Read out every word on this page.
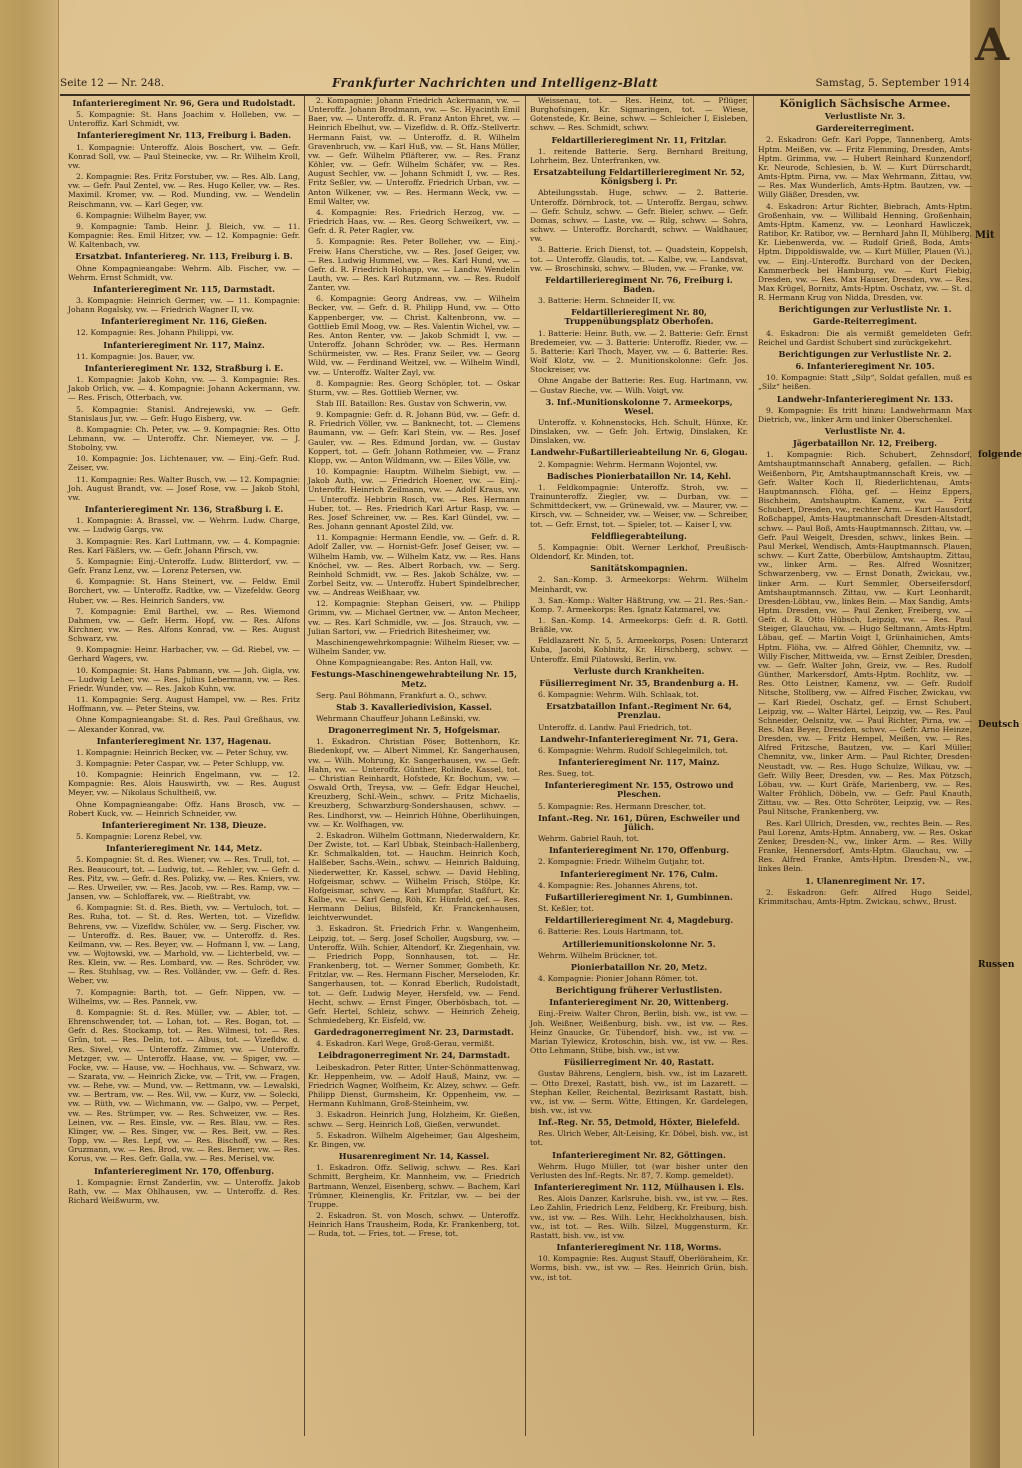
Seite 12 — Nr. 248.	Frankfurter Nachrichten und Intelligenz-Blatt	Samstag, 5. September 1914
Infanterieregiment Nr. 96, Gera und Rudolstadt.

5. Kompagnie: St. Hans Joachim v. Holleben, vw. — Unteroffiz. Karl Schmidt, vw.

Infanterieregiment Nr. 113, Freiburg i. Baden.

1. Kompagnie: Unteroffz. Alois Boschert, vw. — Gefr. Konrad Soll, vw. — Paul Steinecke, vw. — Rr. Wilhelm Kroll, vw.

2. Kompagnie: Res. Fritz Forstuber, vw. — Res. Alb. Lang, vw. — Gefr. Paul Zentel, vw. — Res. Hugo Keller, vw. — Res. Maximil. Kromer, vw. — Rod. Munding, vw. — Wendelin Reischmann, vw. — Karl Geger, vw.

6. Kompagnie: Wilhelm Bayer, vw.

9. Kompagnie: Tamb. Heinr. J. Bleich, vw. — 11. Kompagnie: Res. Emil Hitzer, vw. — 12. Kompagnie: Gefr. W. Kaltenbach, vw.

Ersatzbat. Infanteriereg. Nr. 113, Freiburg i. B.

Ohne Kompagnieangabe: Wehrm. Alb. Fischer, vw. — Wehrm. Ernst Schmidt, vw.

Infanterieregiment Nr. 115, Darmstadt.

3. Kompagnie: Heinrich Germer, vw. — 11. Kompagnie: Johann Rogalsky, vw. — Friedrich Wagner II, vw.

Infanterieregiment Nr. 116, Gießen.

12. Kompagnie: Res. Johann Philippi, vw.

Infanterieregiment Nr. 117, Mainz.

11. Kompagnie: Jos. Bauer, vw.

Infanterieregiment Nr. 132, Straßburg i. E.

1. Kompagnie: Jakob Kohn, vw. — 3. Kompagnie: Res. Jakob Orlich, vw. — 4. Kompagnie: Johann Ackermann, vw. — Res. Frisch, Otterbach, vw.

5. Kompagnie: Stanisl. Andrejewski, vw. — Gefr. Stanislaus Jur, vw. — Gefr. Hugo Eisberg, vw.

8. Kompagnie: Ch. Peter, vw. — 9. Kompagnie: Res. Otto Lehmann, vw. — Unteroffz. Chr. Niemeyer, vw. — J. Stobolny, vw.

10. Kompagnie: Jos. Lichtenauer, vw. — Einj.-Gefr. Rud. Zeiser, vw.

11. Kompagnie: Res. Walter Busch, vw. — 12. Kompagnie: Joh. August Brandt, vw. — Josef Rose, vw. — Jakob Stohl, vw.

Infanterieregiment Nr. 136, Straßburg i. E.

1. Kompagnie: A. Brassel, vw. — Wehrm. Ludw. Charge, vw. — Ludwig Gargs, vw.

3. Kompagnie: Res. Karl Luttmann, vw. — 4. Kompagnie: Res. Karl Fäßlers, vw. — Gefr. Johann Pfirsch, vw.

5. Kompagnie: Einj.-Unteroffz. Ludw. Blitterdorf, vw. — Gefr. Franz Lenz, vw. — Lorenz Petersen, vw.

6. Kompagnie: St. Hans Steinert, vw. — Feldw. Emil Borchert, vw. — Unteroffz. Radtke, vw. — Vizefeldw. Georg Huber, vw. — Res. Heinrich Sanders, vw.

7. Kompagnie: Emil Barthel, vw. — Res. Wiemond Dahmen, vw. — Gefr. Herm. Hopf, vw. — Res. Alfons Kirchner, vw. — Res. Alfons Konrad, vw. — Res. August Schwarz, vw.

9. Kompagnie: Heinr. Harbacher, vw. — Gd. Riebel, vw. — Gerhard Wagers, vw.

10. Kompagnie: St. Hans Pabmann, vw. — Joh. Gigla, vw. — Ludwig Leher, vw. — Res. Julius Lebermann, vw. — Res. Friedr. Wunder, vw. — Res. Jakob Kuhn, vw.

11. Kompagnie: Serg. August Hampel, vw. — Res. Fritz Hoffmann, vw. — Peter Steins, vw.

Ohne Kompagnieangabe: St. d. Res. Paul Greßhaus, vw. — Alexander Konrad, vw.

Infanterieregiment Nr. 137, Hagenau.

1. Kompagnie: Heinrich Becker, vw. — Peter Schuy, vw.

3. Kompagnie: Peter Caspar, vw. — Peter Schlupp, vw.

10. Kompagnie: Heinrich Engelmann, vw. — 12. Kompagnie: Res. Alois Hauswirth, vw. — Res. August Meyer, vw. — Nikolaus Schultheiß, vw.

Ohne Kompagnieangabe: Offz. Hans Brosch, vw. — Robert Kuck, vw. — Heinrich Schneider, vw.

Infanterieregiment Nr. 138, Dieuze.

5. Kompagnie: Lorenz Rebel, vw.

Infanterieregiment Nr. 144, Metz.

5. Kompagnie: St. d. Res. Wiener, vw. — Res. Trull, tot. — Res. Beaucourt, tot. — Ludwig, tot. — Rehler, vw. — Gefr. d. Res. Pitz, vw. — Gefr. d. Res. Polizky, vw. — Res. Kniers, vw. — Res. Urweiler, vw. — Res. Jacob, vw. — Res. Ramp, vw. — Jansen, vw. — Schloffarek, vw. — Rießtrabt, vw.

6. Kompagnie: St. d. Res. Bieth, vw. — Vertuloch, tot. — Res. Ruha, tot. — St. d. Res. Werten, tot. — Vizefldw. Behrens, vw. — Vizefldw. Schüler, vw. — Serg. Fischer, vw. — Unteroffz. d. Res. Bauer, vw. — Unteroffz. d. Res. Keilmann, vw. — Res. Beyer, vw. — Hofmann I, vw. — Lang, vw. — Wojtowski, vw. — Marhold, vw. — Lichterbeld, vw. — Res. Klein, vw. — Res. Lombard, vw. — Res. Schröder, vw. — Res. Stuhlsag, vw. — Res. Volländer, vw. — Gefr. d. Res. Weber, vw.

7. Kompagnie: Barth, tot. — Gefr. Nippen, vw. — Wilhelms, vw. — Res. Pannek, vw.

8. Kompagnie: St. d. Res. Müller, vw. — Abler, tot. — Ehrenschwender, tot. — Lohan, tot. — Res. Bogan, tot. — Gefr. d. Res. Stockamp, tot. — Res. Wilmesi, tot. — Res. Grün, tot. — Res. Delin, tot. — Albus, tot. — Vizefldw. d. Res. Siwel, vw. — Unteroffz. Zimmer, vw. — Unteroffz. Metzger, vw. — Unteroffz. Haase, vw. — Spiger, vw. — Focke, vw. — Hause, vw. — Hochhaus, vw. — Schwarz, vw. — Szarata, vw. — Heinrich Zicke, vw. — Trit, vw. — Fragen, vw. — Rehe, vw. — Mund, vw. — Rettmann, vw. — Lewalski, vw. — Bertram, vw. — Res. Wil, vw. — Kurz, vw. — Solecki, vw. — Rüth, vw. — Wichmann, vw. — Galpo, vw. — Perpet, vw. — Res. Strümper, vw. — Res. Schweizer, vw. — Res. Leinen, vw. — Res. Einsle, vw. — Res. Blau, vw. — Res. Klinger, vw. — Res. Singer, vw. — Res. Beit, vw. — Res. Topp, vw. — Res. Lepf, vw. — Res. Bischoff, vw. — Res. Gruzmann, vw. — Res. Brod, vw. — Res. Berner, vw. — Res. Korus, vw. — Res. Gefr. Galla, vw. — Res. Merisel, vw.

Infanterieregiment Nr. 170, Offenburg.

1. Kompagnie: Ernst Zanderlin, vw. — Unteroffz. Jakob Rath, vw. — Max Ohlhausen, vw. — Unteroffz. d. Res. Richard Weißwurm, vw.

2. Kompagnie: Johann Friedrich Ackermann, vw. — Unteroffz. Johann Brodmann, vw. — Sc. Hyacinth Emil Baer, vw. — Unteroffz. d. R. Franz Anton Ehret, vw. — Heinrich Ebelhut, vw. — Vizefldw. d. R. Offz.-Stellvertr. Hermann Faist, vw. — Unteroffz. d. R. Wilhelm Gravenbruch, vw. — Karl Huß, vw. — St. Hans Müller, vw. — Gefr. Wilhelm Pfläfterer, vw. — Res. Franz Köhler, vw. — Gefr. Wilhelm Schäfer, vw. — Res. August Sechler, vw. — Johann Schmidt I, vw. — Res. Fritz Seßler, vw. — Unteroffz. Friedrich Urban, vw. — Anton Wilkener, vw. — Res. Hermann Weck, vw. — Emil Walter, vw.

4. Kompagnie: Res. Friedrich Herzog, vw. — Friedrich Haas, vw. — Res. Georg Schweikert, vw. — Gefr. d. R. Peter Ragler, vw.

5. Kompagnie: Res. Peter Bolleher, vw. — Einj.-Freiw. Hans Cherstiche, vw. — Res. Josef Geiger, vw. — Res. Ludwig Hummel, vw. — Res. Karl Hund, vw. — Gefr. d. R. Friedrich Hohapp, vw. — Landw. Wendelin Lauth, vw. — Res. Karl Rutzmann, vw. — Res. Rudolf Zanter, vw.

6. Kompagnie: Georg Andreas, vw. — Wilhelm Becker, vw. — Gefr. d. R. Philipp Hund, vw. — Otto Kappenberger, vw. — Christ. Kaltenbronn, vw. — Gottlieb Emil Moog, vw. — Res. Valentin Wichel, vw. — Res. Anton Renter, vw. — Jakob Schmidt I, vw. — Unteroffz. Johann Schröder, vw. — Res. Hermann Schürmeister, vw. — Res. Franz Seiler, vw. — Georg Wild, vw. — Ferdinand Weitzel, vw. — Wilhelm Windl, vw. — Unteroffz. Walter Zayl, vw.

8. Kompagnie: Res. Georg Schöpler, tot. — Oskar Sturm, vw. — Res. Gottlieb Werner, vw.

Stab III. Bataillon: Res. Gustav von Schwerin, vw.

9. Kompagnie: Gefr. d. R. Johann Büd, vw. — Gefr. d. R. Friedrich Völler, vw. — Banknecht, tot. — Clemens Baumann, vw. — Gefr. Karl Stein, vw. — Res. Josef Gauler, vw. — Res. Edmund Jordan, vw. — Gustav Koppert, tot. — Gefr. Johann Rothmeier, vw. — Franz Klopp, vw. — Anton Wildmann, vw. — Eiles Völle, vw.

10. Kompagnie: Hauptm. Wilhelm Siebigt, vw. — Jakob Auth, vw. — Friedrich Hoener, vw. — Einj.-Unteroffz. Heinrich Zeilmann, vw. — Adolf Kraus, vw. — Unteroffz. Hebbrin Rosch, vw. — Res. Hermann Huber, tot. — Res. Friedrich Karl Artur Rasp, vw. — Res. Josef Schreiner, vw. — Res. Karl Gündel, vw. — Res. Johann gennant Apostel Zild, vw.

11. Kompagnie: Hermann Eendle, vw. — Gefr. d. R. Adolf Zaller, vw. — Hornist-Gefr. Josef Geiser, vw. — Wilhelm Hamb, vw. — Wilhelm Katz, vw. — Res. Hans Knöchel, vw. — Res. Albert Rorbach, vw. — Serg. Reinhold Schmidt, vw. — Res. Jakob Schälze, vw. — Zorbel Seitz, vw. — Unteroffz. Hubert Spindelbrecher, vw. — Andreas Weißhaar, vw.

12. Kompagnie: Stephan Geiseri, vw. — Philipp Grimm, vw. — Michael Gertner, vw. — Anton Mecheer, vw. — Res. Karl Schmidle, vw. — Jos. Strauch, vw. — Julian Sartori, vw. — Friedrich Bitesheimer, vw.

Maschinengewehrkompagnie: Wilhelm Rieser, vw. — Wilhelm Sander, vw.

Ohne Kompagnieangabe: Res. Anton Hall, vw.

Festungs-Maschinengewehrabteilung Nr. 15, Metz.

Serg. Paul Böhmann, Frankfurt a. O., schwv.

Stab 3. Kavalleriedivision, Kassel.

Wehrmann Chauffeur Johann Leßinski, vw.

Dragonerregiment Nr. 5, Hofgeismar.

1. Eskadron. Christian Pöser, Bottenhorn, Kr. Biedenkopf, vw. — Albert Nimmel, Kr. Sangerhausen, vw. — Wilh. Mohrung, Kr. Sangerhausen, vw. — Gefr. Hahn, vw. — Unteroffz. Günther, Rolinde, Kassel, tot. — Christian Reinhardt, Hofstede, Kr. Bochum, vw. — Oswald Orth, Treysa, vw. — Gefr. Edgar Heuchel, Kreuzberg, Schl.-Wein., schwv. — Fritz Michaelis, Kreuzberg, Schwarzburg-Sondershausen, schwv. — Res. Lindhorst, vw. — Heinrich Hühne, Oberlihuingen, vw. — Kr. Wolfhagen, vw.

2. Eskadron. Wilhelm Gottmann, Niederwaldern, Kr. Der Zwiste, tot. — Karl Ubbak, Steinbach-Hallenberg, Kr. Schmalkalden, tot. — Hauchm. Heinrich Koch, Halßeber, Sachs.-Wein., schwv. — Heinrich Balduing, Niederwetter, Kr. Kassel, schwv. — David Hebling, Hofgeismar, schwv. — Wilhelm Frisch, Stölpe, Kr. Hofgeismar, schwv. — Karl Mumpfar, Staßfurt, Kr. Kalbe, vw. — Karl Geng, Röh, Kr. Hünfeld, gef. — Res. Hermann Delius, Bilsfeld, Kr. Franckenhausen, leichtverwundet.

3. Eskadron. St. Friedrich Frhr. v. Wangenheim, Leipzig, tot. — Serg. Josef Scholler, Augsburg, vw. — Unteroffz. Wilh. Schier, Altendorf, Kr. Ziegenhain, vw. — Friedrich Popp, Sonnhausen, tot. — Hr. Frankenberg, tot. — Werner Sommer, Gombeth, Kr. Fritzlar, vw. — Res. Hermann Fischer, Merseloden, Kr. Sangerhausen, tot. — Konrad Eberlich, Rudolstadt, tot. — Gefr. Ludwig Meyer, Hersfeld, vw. — Fend. Hecht, schwv. — Ernst Finger, Oberbösbach, tot. — Gefr. Hertel, Schleiz, schwv. — Heinrich Zeheig, Schmiedeberg, Kr. Eisfeld, vw.

Gardedragonerregiment Nr. 23, Darmstadt.

4. Eskadron. Karl Wege, Groß-Gerau, vermißt.

Leibdragonerregiment Nr. 24, Darmstadt.

Leibeskadron. Peter Ritter, Unter-Schönmattenwag, Kr. Heppenheim, vw. — Adolf Hauß, Mainz, vw. — Friedrich Wagner, Wolfheim, Kr. Alzey, schwv. — Gefr. Philipp Dienst, Gurmsheim, Kr. Oppenheim, vw. — Hermann Kuhlmann, Groß-Steinheim, vw.

3. Eskadron. Heinrich Jung, Holzheim, Kr. Gießen, schwv. — Serg. Heinrich Loß, Gießen, verwundet.

5. Eskadron. Wilhelm Algeheimer, Gau Algesheim, Kr. Bingen, vw.

Husarenregiment Nr. 14, Kassel.

1. Eskadron. Offz. Sellwig, schwv. — Res. Karl Schmitt, Bergheim, Kr. Mannheim, vw. — Friedrich Bartmann, Wenzel, Eisenberg, schwv. — Bachem, Karl Trümner, Kleinenglis, Kr. Fritzlar, vw. — bei der Truppe.

2. Eskadron. St. von Mosch, schwv. — Unteroffz. Heinrich Hans Trausheim, Roda, Kr. Frankenberg, tot. — Ruda, tot. — Fries, tot. — Frese, tot.

Weissenau, tot. — Res. Heinz, tot. — Pflüger, Burghofsingen, Kr. Sigmaringen, tot. — Wiese, Gotenstede, Kr. Beine, schwv. — Schleicher I, Eisleben, schwv. — Res. Schmidt, schwv.

Feldartillerieregiment Nr. 11, Fritzlar.

1. reitende Batterie. Serg. Bernhard Breitung, Lohrheim, Bez. Unterfranken, vw.

Ersatzabteilung Feldartillerieregiment Nr. 52, Königsberg i. Pr.

Abteilungsstab. Huge, schwv. — 2. Batterie. Unteroffz. Dörnbrock, tot. — Unteroffz. Bergau, schwv. — Gefr. Schulz, schwv. — Gefr. Bieler, schwv. — Gefr. Domas, schwv. — Laste, vw. — Rilg, schwv. — Sohra, schwv. — Unteroffz. Borchardt, schwv. — Waldhauer, vw.

3. Batterie. Erich Dienst, tot. — Quadstein, Koppelsh, tot. — Unteroffz. Glaudis, tot. — Kalbe, vw. — Landsvat, vw. — Broschinski, schwv. — Bluden, vw. — Franke, vw.

Feldartillerieregiment Nr. 76, Freiburg i. Baden.

3. Batterie: Herm. Schneider II, vw.

Feldartillerieregiment Nr. 80, Truppenübungsplatz Oberhofen.

1. Batterie: Heinr. Buth, vw. — 2. Batterie: Gefr. Ernst Bredemeier, vw. — 3. Batterie: Unteroffz. Rieder, vw. — 5. Batterie: Karl Thoch, Mayer, vw. — 6. Batterie: Res. Wolf Klotz, vw. — 2. Munitionskolonne: Gefr. Jos. Stockreiser, vw.

Ohne Angabe der Batterie: Res. Eug. Hartmann, vw. — Gustav Rieche, vw. — Wilh. Voigt, vw.

3. Inf.-Munitionskolonne 7. Armeekorps, Wesel.

Unteroffz. v. Kohnenstocks, Hch. Schult, Hünxe, Kr. Dinslaken, vw. — Gefr. Joh. Ertwig, Dinslaken, Kr. Dinslaken, vw.

Landwehr-Fußartillerieabteilung Nr. 6, Glogau.

2. Kompagnie: Wehrm. Hermann Wojontel, vw.

Badisches Pionierbataillon Nr. 14, Kehl.

1. Feldkompagnie: Unteroffz. Stroh, vw. — Trainunteroffz. Ziegler, vw. — Durban, vw. — Schmittdeckert, vw. — Grünewald, vw. — Maurer, vw. — Kirsch, vw. — Schneider, vw. — Weiser, vw. — Schreiber, tot. — Gefr. Ernst, tot. — Spieler, tot. — Kaiser I, vw.

Feldfliegerabteilung.

5. Kompagnie: Oblt. Werner Lerkhof, Preußisch-Oldendorf, Kr. Minden, tot.

Sanitätskompagnien.

2. San.-Komp. 3. Armeekorps: Wehrm. Wilhelm Meinhardt, vw.

3. San.-Komp.: Walter Häßtrung, vw. — 21. Res.-San.-Komp. 7. Armeekorps: Res. Ignatz Katzmarel, vw.

1. San.-Komp. 14. Armeekorps: Gefr. d. R. Gottl. Bräßle, vw.

Feldlazarett Nr. 5, 5. Armeekorps, Posen: Unterarzt Kuba, Jacobi, Kohlnitz, Kr. Hirschberg, schwv. — Unteroffz. Emil Pilatowski, Berlin, vw.

Verluste durch Krankheiten.
Füsilierregiment Nr. 35, Brandenburg a. H.

6. Kompagnie: Wehrm. Wilh. Schlaak, tot.

Ersatzbataillon Infant.-Regiment Nr. 64, Prenzlau.

Unteroffz. d. Landw. Paul Friedrich, tot.

Landwehr-Infanterieregiment Nr. 71, Gera.

6. Kompagnie: Wehrm. Rudolf Schlegelmilch, tot.

Infanterieregiment Nr. 117, Mainz.

Res. Sueg, tot.

Infanterieregiment Nr. 155, Ostrowo und Pleschen.

5. Kompagnie: Res. Hermann Drescher, tot.

Infant.-Reg. Nr. 161, Düren, Eschweiler und Jülich.

Wehrm. Gabriel Rauh, tot.

Infanterieregiment Nr. 170, Offenburg.

2. Kompagnie: Friedr. Wilhelm Gutjahr, tot.

Infanterieregiment Nr. 176, Culm.

4. Kompagnie: Res. Johannes Ahrens, tot.

Fußartillerieregiment Nr. 1, Gumbinnen.

St. Keßler, tot.

Feldartillerieregiment Nr. 4, Magdeburg.

6. Batterie: Res. Louis Hartmann, tot.

Artilleriemunitionskolonne Nr. 5.

Wehrm. Wilhelm Brückner, tot.

Pionierbataillon Nr. 20, Metz.

4. Kompagnie: Pionier Johann Römer, tot.

Berichtigung früherer Verlustlisten.
Infanterieregiment Nr. 20, Wittenberg.

Einj.-Freiw. Walter Chron, Berlin, bish. vw., ist vw. — Joh. Weißner, Weißenburg, bish. vw., ist vw. — Res. Heinz Gnaucke, Gr. Tübendorf, bish. vw., ist vw. — Marian Tylewicz, Krotoschin, bish. vw., ist vw. — Res. Otto Lehmann, Stübe, bish. vw., ist vw.

Füsilierregiment Nr. 40, Rastatt.

Gustav Bährens, Lenglern, bish. vw., ist im Lazarett. — Otto Drexel, Rastatt, bish. vw., ist im Lazarett. — Stephan Keller, Reichental, Bezirksamt Rastatt, bish. vw., ist vw. — Serm. Witte, Ettingen, Kr. Gardelegen, bish. vw., ist vw.

Inf.-Reg. Nr. 55, Detmold, Höxter, Bielefeld.

Res. Ulrich Weber, Alt-Leising, Kr. Döbel, bish. vw., ist tot.

Infanterieregiment Nr. 82, Göttingen.

Wehrm. Hugo Müller, tot (war bisher unter den Verlusten des Inf.-Regts. Nr. 87, 7. Komp. gemeldet).

Infanterieregiment Nr. 112, Mülhausen i. Els.

Res. Alois Danzer, Karlsruhe, bish. vw., ist vw. — Res. Leo Zahlin, Friedrich Lenz, Feldberg, Kr. Freiburg, bish. vw., ist vw. — Res. Wilh. Lehr, Heckholzhausen, bish. vw., ist tot. — Res. Wilh. Silzel, Muggensturm, Kr. Rastatt, bish. vw., ist vw.

Infanterieregiment Nr. 118, Worms.

10. Kompagnie: Res. August Stauff, Oberlöraheim, Kr. Worms, bish. vw., ist vw. — Res. Heinrich Grün, bish. vw., ist tot.

Königlich Sächsische Armee.
Verlustliste Nr. 3.
Gardereiterregiment.

2. Eskadron: Gefr. Karl Poppe, Tannenberg, Amts-Hptm. Meißen, vw. — Fritz Flemming, Dresden, Amts-Hptm. Grimma, vw. — Hubert Reinhard Kunzendorf, Kr. Neurode, Schlesien, b. W. — Kurt Dürrschardt, Amts-Hptm. Pirna, vw. — Max Wehrmann, Zittau, vw. — Res. Max Wunderlich, Amts-Hptm. Bautzen, vw. — Willy Gläßer, Dresden, vw.

4. Eskadron: Artur Richter, Biebrach, Amts-Hptm. Großenhain, vw. — Willibald Henning, Großenhain, Amts-Hptm. Kamenz, vw. — Leonhard Hawliczek, Ratibor, Kr. Ratibor, vw. — Bernhard Jahn II, Mühlberg, Kr. Liebenwerda, vw. — Rudolf Grieß, Boda, Amts-Hptm. Dippoldiswalde, vw. — Kurt Müller, Plauen (Vi.), vw. — Einj.-Unteroffz. Burchard von der Decken, Kammerbeck bei Hamburg, vw. — Kurt Fiebig, Dresden, vw. — Res. Max Hauser, Dresden, vw. — Res. Max Krügel, Bornitz, Amts-Hptm. Oschatz, vw. — St. d. R. Hermann Krug von Nidda, Dresden, vw.

Berichtigungen zur Verlustliste Nr. 1.
Garde-Reiterregiment.

4. Eskadron: Die als vermißt gemeldeten Gefr. Reichel und Gardist Schubert sind zurückgekehrt.

Berichtigungen zur Verlustliste Nr. 2.
6. Infanterieregiment Nr. 105.

10. Kompagnie: Statt „Silp“, Soldat gefallen, muß es „Silz“ heißen.

Landwehr-Infanterieregiment Nr. 133.

9. Kompagnie: Es tritt hinzu: Landwehrmann Max Dietrich, vw., linker Arm und linker Oberschenkel.

Verlustliste Nr. 4.
Jägerbataillon Nr. 12, Freiberg.

1. Kompagnie: Rich. Schubert, Zehnsdorf, Amtshauptmannschaft Annaberg, gefallen. — Rich. Weißenborn, Pir, Amtshauptmannschaft Kreis, vw. — Gefr. Walter Koch II, Riederlichtenau, Amts-Hauptmannsch. Flöha, gef. — Heinz Eppers, Bischheim, Amtshauptm. Kamenz, vw. — Fritz Schubert, Dresden, vw., rechter Arm. — Kurt Hausdorf, Roßchappel, Amts-Hauptmannschaft Dresden-Altstadt, schwv. — Paul Boß, Amts-Hauptmannsch. Zittau, vw. — Gefr. Paul Weigelt, Dresden, schwv., linkes Bein. — Paul Merkel, Wendisch, Amts-Hauptmannsch. Plauen, schwv. — Kurt Zatte, Oberbülow, Amtshauptm. Zittau, vw., linker Arm. — Res. Alfred Wosnitzer, Schwarzenberg, vw. — Ernst Donath, Zwickau, vw., linker Arm. — Kurt Semmler, Oberseifersdorf, Amtshauptmannsch. Zittau, vw. — Kurt Leonhardt, Dresden-Löbtau, vw., linkes Bein. — Max Sandig, Amts-Hptm. Dresden, vw. — Paul Zenker, Freiberg, vw. — Gefr. d. R. Otto Hübsch, Leipzig, vw. — Res. Paul Steiger, Glauchau, vw. — Hugo Seltmann, Amts-Hptm. Löbau, gef. — Martin Voigt I, Grünhainichen, Amts-Hptm. Flöha, vw. — Alfred Göhler, Chemnitz, vw. — Willy Fischer, Mittweida, vw. — Ernst Zeibler, Dresden, vw. — Gefr. Walter John, Greiz, vw. — Res. Rudolf Günther, Markersdorf, Amts-Hptm. Rochlitz, vw. — Res. Otto Leistner, Kamenz, vw. — Gefr. Rudolf Nitsche, Stollberg, vw. — Alfred Fischer, Zwickau, vw. — Karl Riedel, Oschatz, gef. — Ernst Schubert, Leipzig, vw. — Walter Härtel, Leipzig, vw. — Res. Paul Schneider, Oelsnitz, vw. — Paul Richter, Pirna, vw. — Res. Max Beyer, Dresden, schwv. — Gefr. Arno Heinze, Dresden, vw. — Fritz Hempel, Meißen, vw. — Res. Alfred Fritzsche, Bautzen, vw. — Karl Müller, Chemnitz, vw., linker Arm. — Paul Richter, Dresden-Neustadt, vw. — Res. Hugo Schulze, Wilkau, vw. — Gefr. Willy Beer, Dresden, vw. — Res. Max Pötzsch, Löbau, vw. — Kurt Gräfe, Marienberg, vw. — Res. Walter Fröhlich, Döbeln, vw. — Gefr. Paul Knauth, Zittau, vw. — Res. Otto Schröter, Leipzig, vw. — Res. Paul Nitsche, Frankenberg, vw.

Res. Karl Ullrich, Dresden, vw., rechtes Bein. — Res. Paul Lorenz, Amts-Hptm. Annaberg, vw. — Res. Oskar Zenker, Dresden-N., vw., linker Arm. — Res. Willy Franke, Hennersdorf, Amts-Hptm. Glauchau, vw. — Res. Alfred Franke, Amts-Hptm. Dresden-N., vw., linkes Bein.

1. Ulanenregiment Nr. 17.

2. Eskadron: Gefr. Alfred Hugo Seidel, Krimmitschau, Amts-Hptm. Zwickau, schwv., Brust.

A
Mit
folgende
Deutsch
Russen
